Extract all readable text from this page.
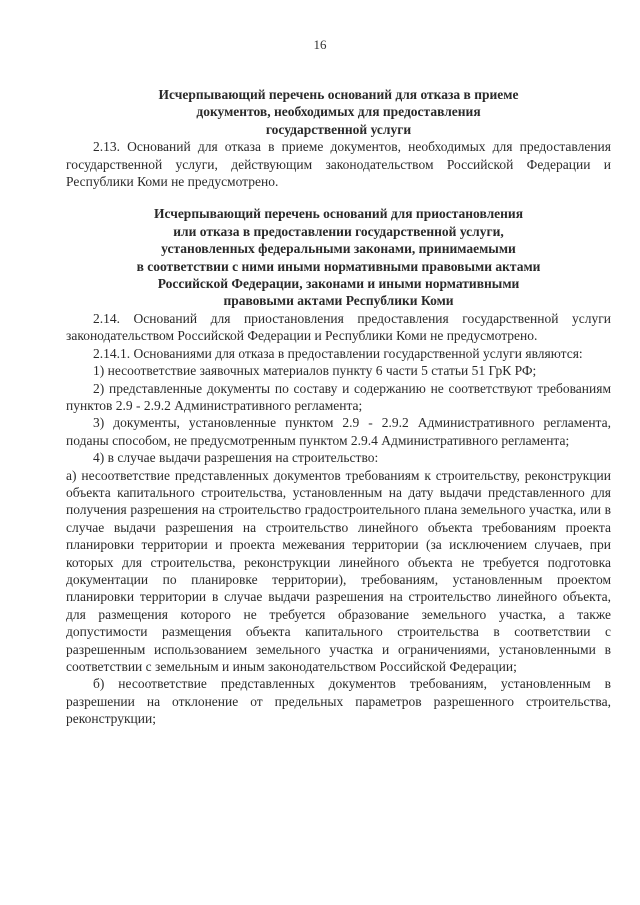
16
Исчерпывающий перечень оснований для отказа в приеме
документов, необходимых для предоставления
государственной услуги

2.13. Оснований для отказа в приеме документов, необходимых для предоставления государственной услуги, действующим законодательством Российской Федерации и Республики Коми не предусмотрено.

Исчерпывающий перечень оснований для приостановления
или отказа в предоставлении государственной услуги,
установленных федеральными законами, принимаемыми
в соответствии с ними иными нормативными правовыми актами
Российской Федерации, законами и иными нормативными
правовыми актами Республики Коми

2.14. Оснований для приостановления предоставления государственной услуги законодательством Российской Федерации и Республики Коми не предусмотрено.

2.14.1. Основаниями для отказа в предоставлении государственной услуги являются:

1) несоответствие заявочных материалов пункту 6 части 5 статьи 51 ГрК РФ;

2) представленные документы по составу и содержанию не соответствуют требованиям пунктов 2.9 - 2.9.2 Административного регламента;

3) документы, установленные пунктом 2.9 - 2.9.2 Административного регламента, поданы способом, не предусмотренным пунктом 2.9.4 Административного регламента;

4) в случае выдачи разрешения на строительство:

а) несоответствие представленных документов требованиям к строительству, реконструкции объекта капитального строительства, установленным на дату выдачи представленного для получения разрешения на строительство градостроительного плана земельного участка, или в случае выдачи разрешения на строительство линейного объекта требованиям проекта планировки территории и проекта межевания территории (за исключением случаев, при которых для строительства, реконструкции линейного объекта не требуется подготовка документации по планировке территории), требованиям, установленным проектом планировки территории в случае выдачи разрешения на строительство линейного объекта, для размещения которого не требуется образование земельного участка, а также допустимости размещения объекта капитального строительства в соответствии с разрешенным использованием земельного участка и ограничениями, установленными в соответствии с земельным и иным законодательством Российской Федерации;

б) несоответствие представленных документов требованиям, установленным в разрешении на отклонение от предельных параметров разрешенного строительства, реконструкции;
